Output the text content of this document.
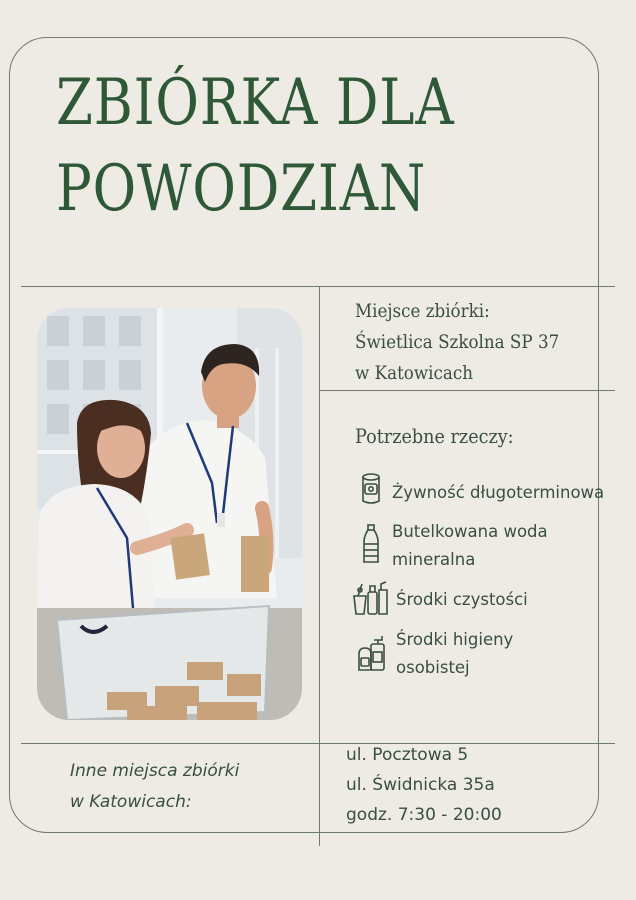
ZBIÓRKA DLA
POWODZIAN
Miejsce zbiórki:
Świetlica Szkolna SP 37
w Katowicach
Potrzebne rzeczy:
Żywność długoterminowa
Butelkowana woda
mineralna
Środki czystości
Środki higieny
osobistej
Inne miejsca zbiórki
w Katowicach:
ul. Pocztowa 5
ul. Świdnicka 35a
godz. 7:30 - 20:00
